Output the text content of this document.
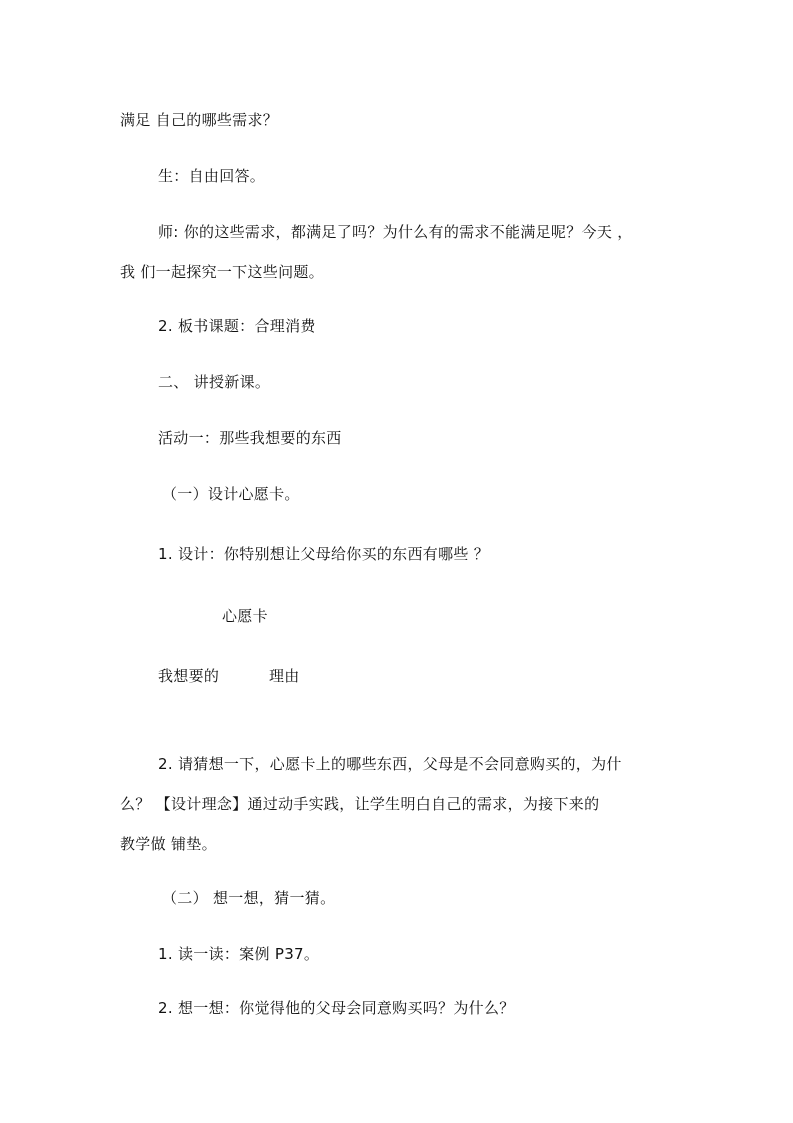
满足 自己的哪些需求？
生：自由回答。
师: 你的这些需求，都满足了吗？为什么有的需求不能满足呢？今天 ，
我 们一起探究一下这些问题。
2. 板书课题：合理消费
二、 讲授新课。
活动一：那些我想要的东西
（一）设计心愿卡。
1. 设计：你特别想让父母给你买的东西有哪些 ？
心愿卡
我想要的	理由
2. 请猜想一下，心愿卡上的哪些东西，父母是不会同意购买的，为什
么？ 【设计理念】通过动手实践，让学生明白自己的需求，为接下来的
教学做 铺垫。
（二） 想一想，猜一猜。
1. 读一读：案例 P37。
2. 想一想：你觉得他的父母会同意购买吗？为什么？
